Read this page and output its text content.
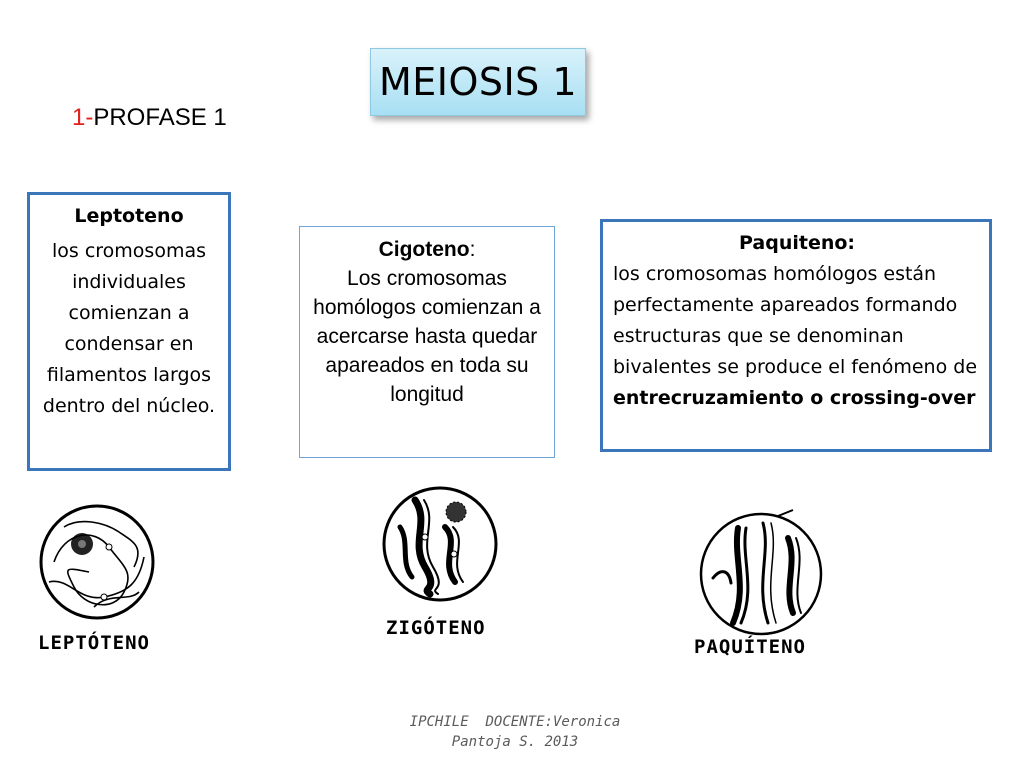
MEIOSIS 1
1-PROFASE 1
Leptoteno
los cromosomas individuales comienzan a condensar en filamentos largos dentro del núcleo.
Cigoteno:
Los cromosomas homólogos comienzan a acercarse hasta quedar apareados en toda su longitud
Paquiteno:
los cromosomas homólogos están perfectamente apareados formando estructuras que se denominan bivalentes se produce el fenómeno de entrecruzamiento o crossing-over
LEPTÓTENO
ZIGÓTENO
PAQUÍTENO
IPCHILE  DOCENTE:Veronica
Pantoja S. 2013
